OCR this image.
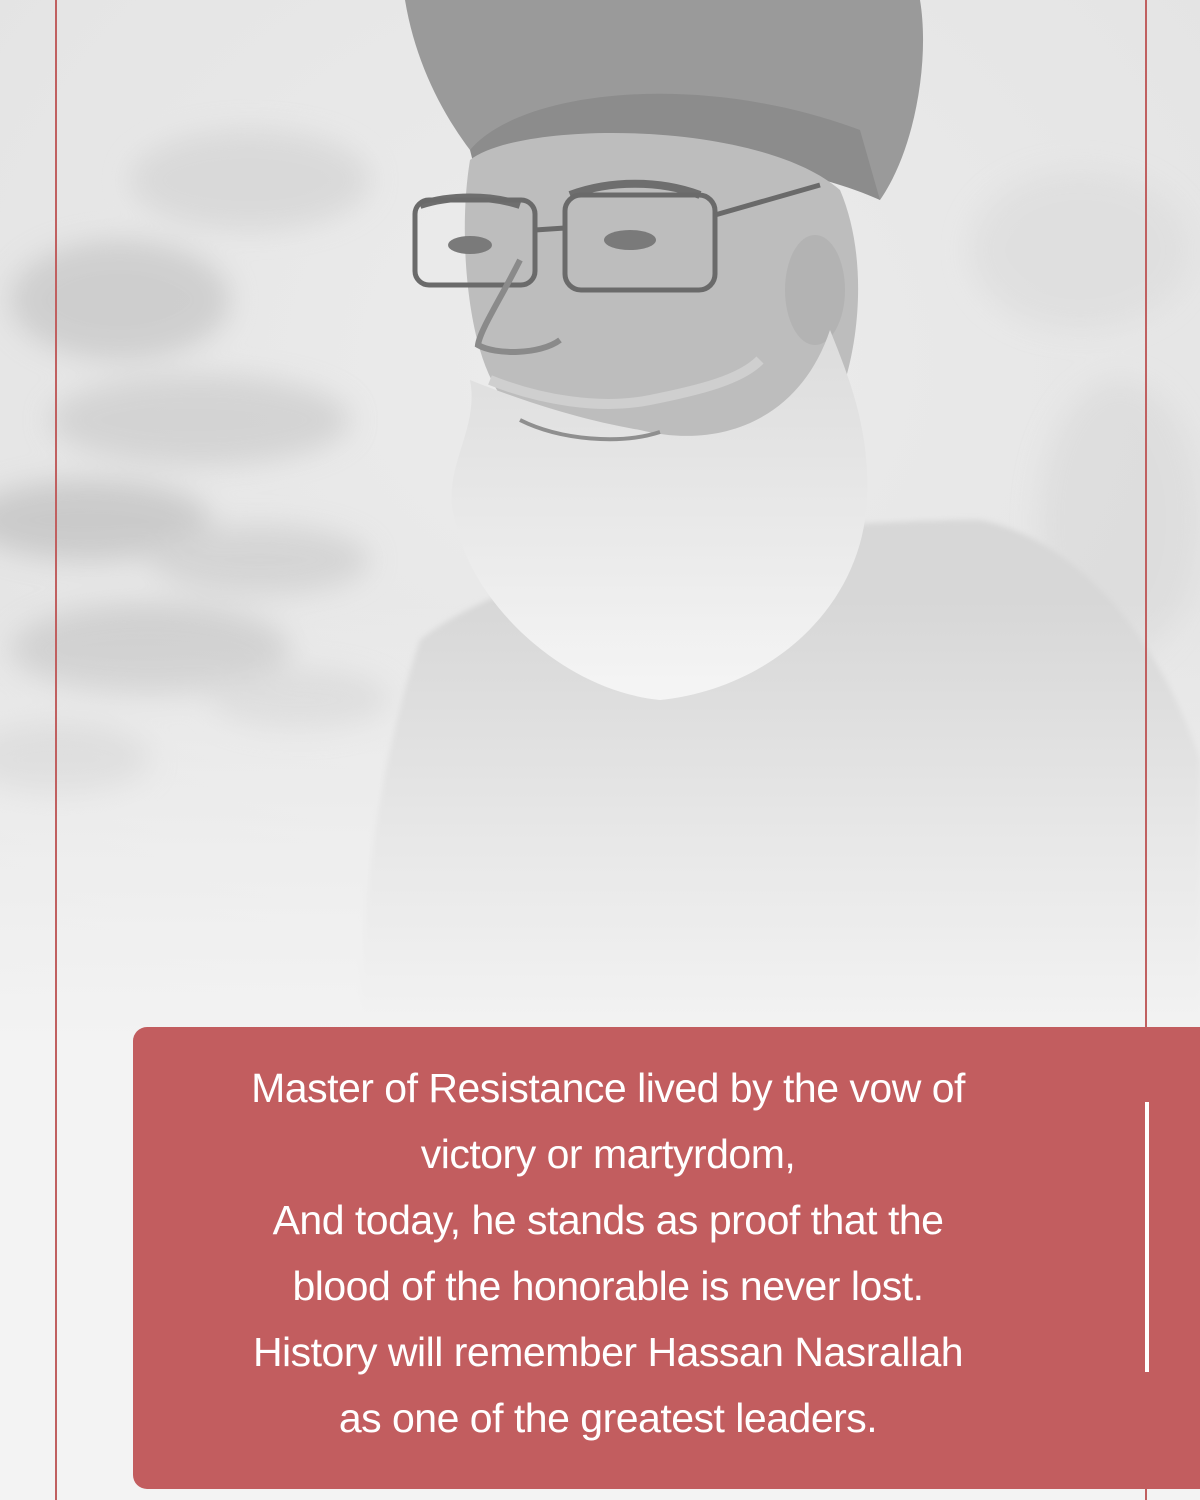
Master of Resistance lived by the vow of
victory or martyrdom,
And today, he stands as proof that the
blood of the honorable is never lost.
History will remember Hassan Nasrallah
as one of the greatest leaders.
